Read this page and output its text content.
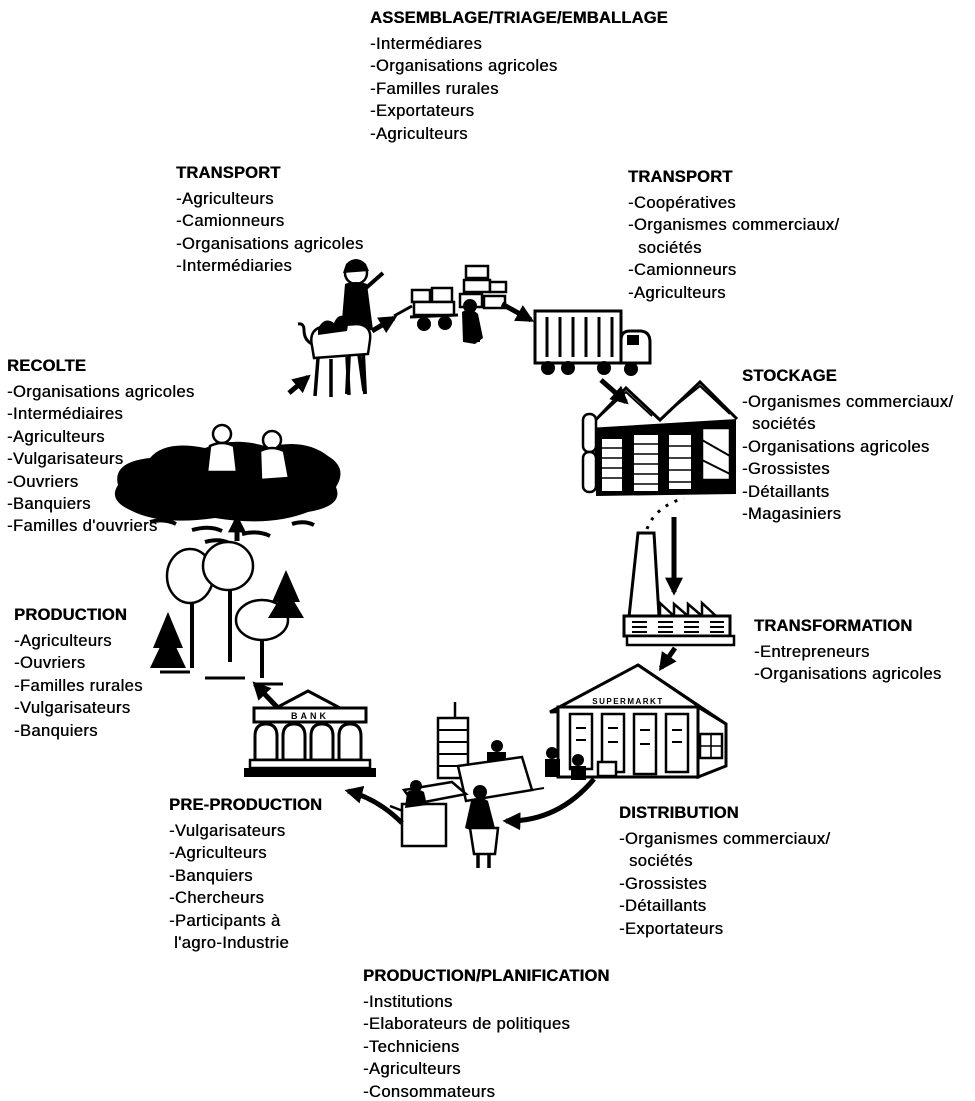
SUPERMARKT
BANK
ASSEMBLAGE/TRIAGE/EMBALLAGE
-Intermédiares
-Organisations agricoles
-Familles rurales
-Exportateurs
-Agriculteurs
TRANSPORT
-Agriculteurs
-Camionneurs
-Organisations agricoles
-Intermédiaries
TRANSPORT
-Coopératives
-Organismes commerciaux/
sociétés
-Camionneurs
-Agriculteurs
STOCKAGE
-Organismes commerciaux/
sociétés
-Organisations agricoles
-Grossistes
-Détaillants
-Magasiniers
TRANSFORMATION
-Entrepreneurs
-Organisations agricoles
DISTRIBUTION
-Organismes commerciaux/
sociétés
-Grossistes
-Détaillants
-Exportateurs
PRODUCTION/PLANIFICATION
-Institutions
-Elaborateurs de politiques
-Techniciens
-Agriculteurs
-Consommateurs
PRE-PRODUCTION
-Vulgarisateurs
-Agriculteurs
-Banquiers
-Chercheurs
-Participants à
l'agro-Industrie
PRODUCTION
-Agriculteurs
-Ouvriers
-Familles rurales
-Vulgarisateurs
-Banquiers
RECOLTE
-Organisations agricoles
-Intermédiaires
-Agriculteurs
-Vulgarisateurs
-Ouvriers
-Banquiers
-Familles d'ouvriers
